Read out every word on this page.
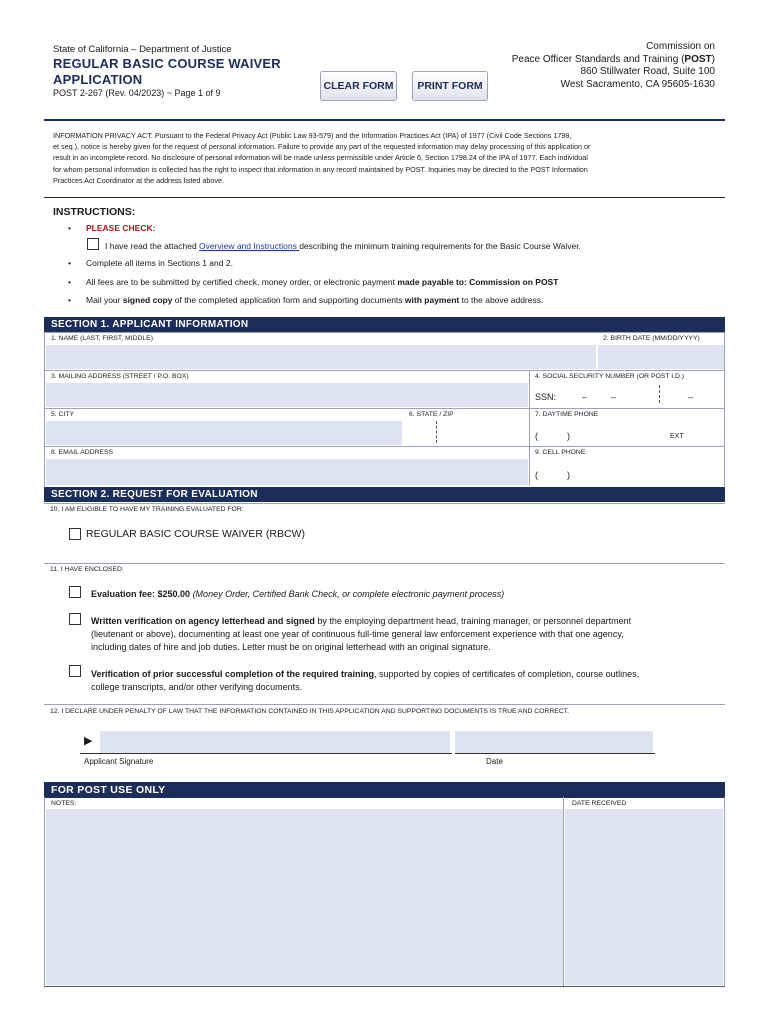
State of California – Department of Justice
REGULAR BASIC COURSE WAIVER
APPLICATION
POST 2-267 (Rev. 04/2023) ~ Page 1 of 9
CLEAR FORM	PRINT FORM
Commission on
Peace Officer Standards and Training (POST)
860 Stillwater Road, Suite 100
West Sacramento, CA 95605-1630
INFORMATION PRIVACY ACT: Pursuant to the Federal Privacy Act (Public Law 93-579) and the Information Practices Act (IPA) of 1977 (Civil Code Sections 1798,
et seq.), notice is hereby given for the request of personal information. Failure to provide any part of the requested information may delay processing of this application or
result in an incomplete record. No disclosure of personal information will be made unless permissible under Article 6, Section 1798.24 of the IPA of 1977. Each individual
for whom personal information is collected has the right to inspect that information in any record maintained by POST. Inquiries may be directed to the POST Information
Practices Act Coordinator at the address listed above.
INSTRUCTIONS:
• PLEASE CHECK:
I have read the attached Overview and Instructions describing the minimum training requirements for the Basic Course Waiver.
• Complete all items in Sections 1 and 2.
• All fees are to be submitted by certified check, money order, or electronic payment made payable to: Commission on POST
• Mail your signed copy of the completed application form and supporting documents with payment to the above address.
SECTION 1. APPLICANT INFORMATION
1. NAME (LAST, FIRST, MIDDLE)	2. BIRTH DATE (MM/DD/YYYY)
3. MAILING ADDRESS (STREET / P.O. BOX)	4. SOCIAL SECURITY NUMBER (OR POST I.D.)
SSN:	–	–	–
5. CITY	6. STATE / ZIP	7. DAYTIME PHONE
(	)	EXT
8. EMAIL ADDRESS	9. CELL PHONE
(	)
SECTION 2. REQUEST FOR EVALUATION
10. I AM ELIGIBLE TO HAVE MY TRAINING EVALUATED FOR:
REGULAR BASIC COURSE WAIVER (RBCW)
11. I HAVE ENCLOSED:
Evaluation fee: $250.00 (Money Order, Certified Bank Check, or complete electronic payment process)
Written verification on agency letterhead and signed by the employing department head, training manager, or personnel department
(lieutenant or above), documenting at least one year of continuous full-time general law enforcement experience with that one agency,
including dates of hire and job duties. Letter must be on original letterhead with an original signature.
Verification of prior successful completion of the required training, supported by copies of certificates of completion, course outlines,
college transcripts, and/or other verifying documents.
12. I DECLARE UNDER PENALTY OF LAW THAT THE INFORMATION CONTAINED IN THIS APPLICATION AND SUPPORTING DOCUMENTS IS TRUE AND CORRECT.
▶
Applicant Signature	Date
FOR POST USE ONLY
NOTES:	DATE RECEIVED
